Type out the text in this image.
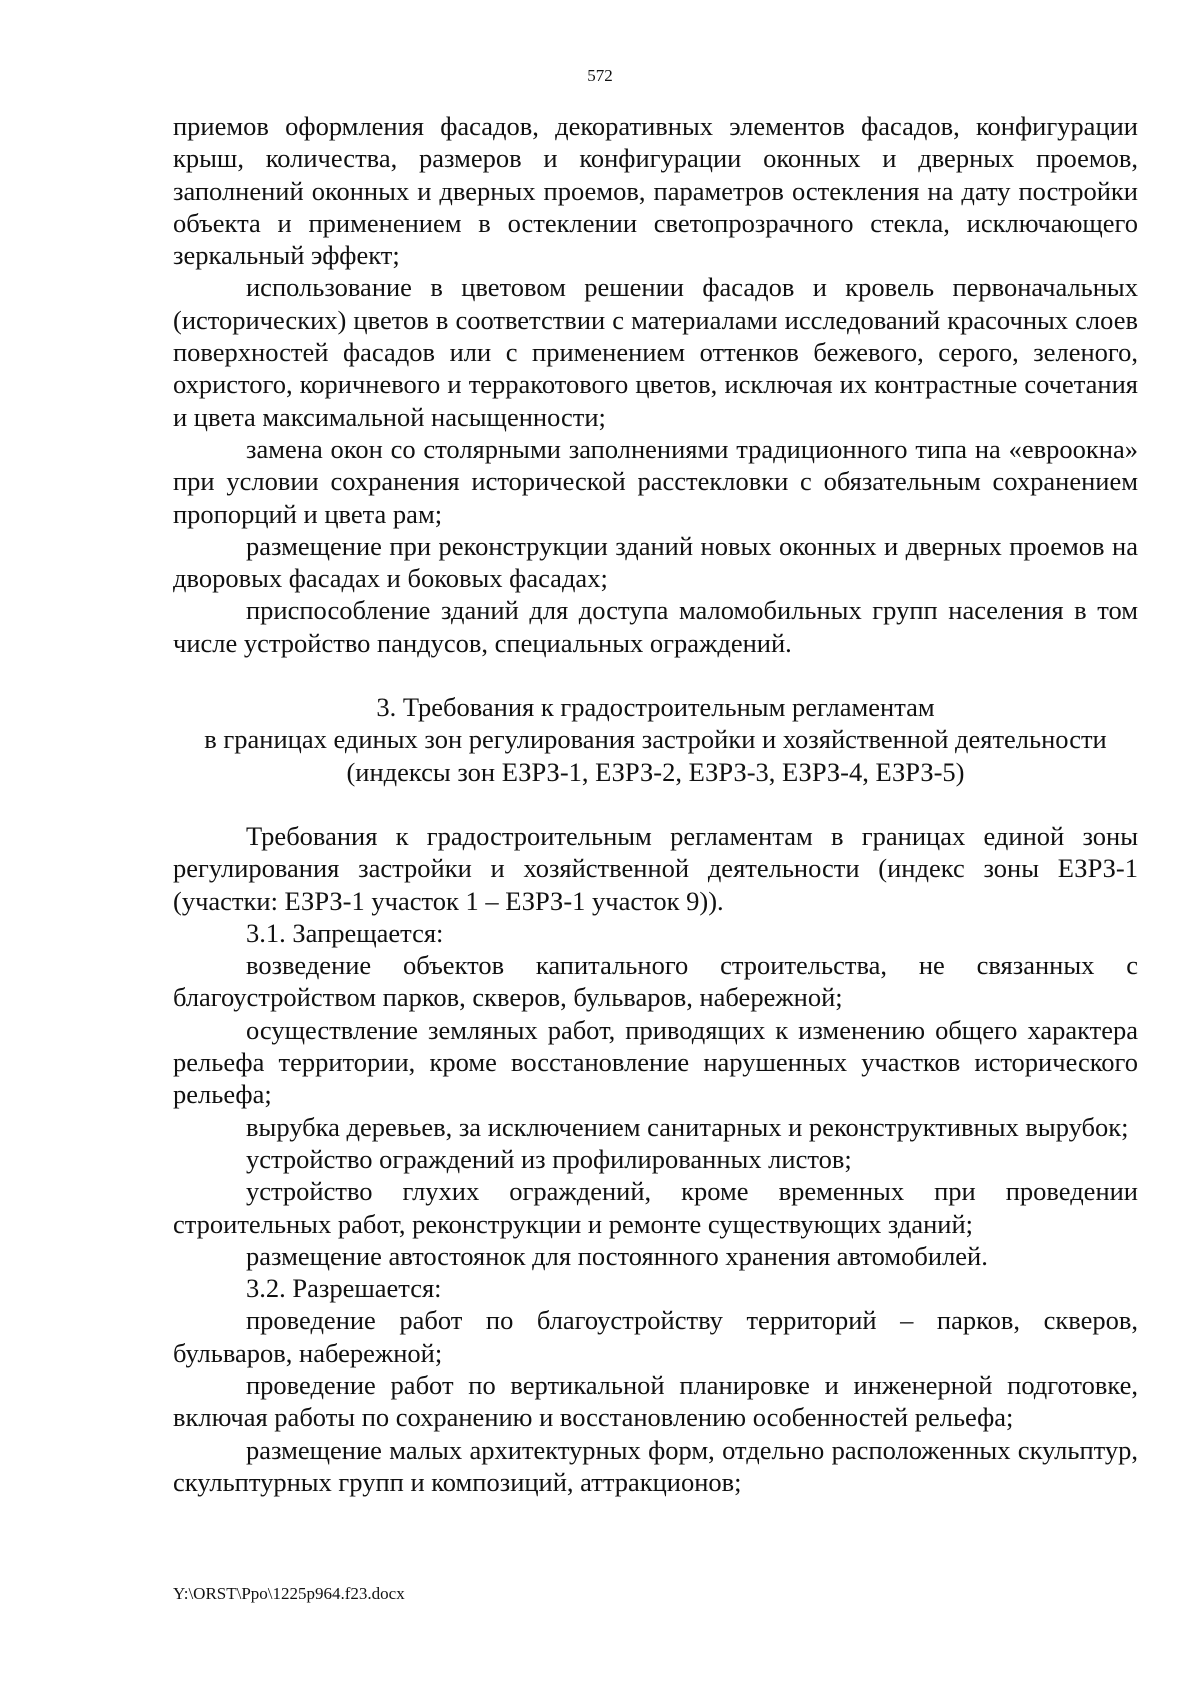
572

приемов оформления фасадов, декоративных элементов фасадов, конфигурации крыш, количества, размеров и конфигурации оконных и дверных проемов, заполнений оконных и дверных проемов, параметров остекления на дату постройки объекта и применением в остеклении светопрозрачного стекла, исключающего зеркальный эффект;

использование в цветовом решении фасадов и кровель первоначальных (исторических) цветов в соответствии с материалами исследований красочных слоев поверхностей фасадов или с применением оттенков бежевого, серого, зеленого, охристого, коричневого и терракотового цветов, исключая их контрастные сочетания и цвета максимальной насыщенности;

замена окон со столярными заполнениями традиционного типа на «евроокна» при условии сохранения исторической расстекловки с обязательным сохранением пропорций и цвета рам;

размещение при реконструкции зданий новых оконных и дверных проемов на дворовых фасадах и боковых фасадах;

приспособление зданий для доступа маломобильных групп населения в том числе устройство пандусов, специальных ограждений.

3. Требования к градостроительным регламентам

в границах единых зон регулирования застройки и хозяйственной деятельности

(индексы зон ЕЗРЗ-1, ЕЗРЗ-2, ЕЗРЗ-3, ЕЗРЗ-4, ЕЗРЗ-5)

Требования к градостроительным регламентам в границах единой зоны регулирования застройки и хозяйственной деятельности (индекс зоны ЕЗРЗ-1 (участки: ЕЗРЗ-1 участок 1 – ЕЗРЗ-1 участок 9)).

3.1. Запрещается:

возведение объектов капитального строительства, не связанных с благоустройством парков, скверов, бульваров, набережной;

осуществление земляных работ, приводящих к изменению общего характера рельефа территории, кроме восстановление нарушенных участков исторического рельефа;

вырубка деревьев, за исключением санитарных и реконструктивных вырубок;

устройство ограждений из профилированных листов;

устройство глухих ограждений, кроме временных при проведении строительных работ, реконструкции и ремонте существующих зданий;

размещение автостоянок для постоянного хранения автомобилей.

3.2. Разрешается:

проведение работ по благоустройству территорий – парков, скверов, бульваров, набережной;

проведение работ по вертикальной планировке и инженерной подготовке, включая работы по сохранению и восстановлению особенностей рельефа;

размещение малых архитектурных форм, отдельно расположенных скульптур, скульптурных групп и композиций, аттракционов;

Y:\ORST\Ppo\1225p964.f23.docx
